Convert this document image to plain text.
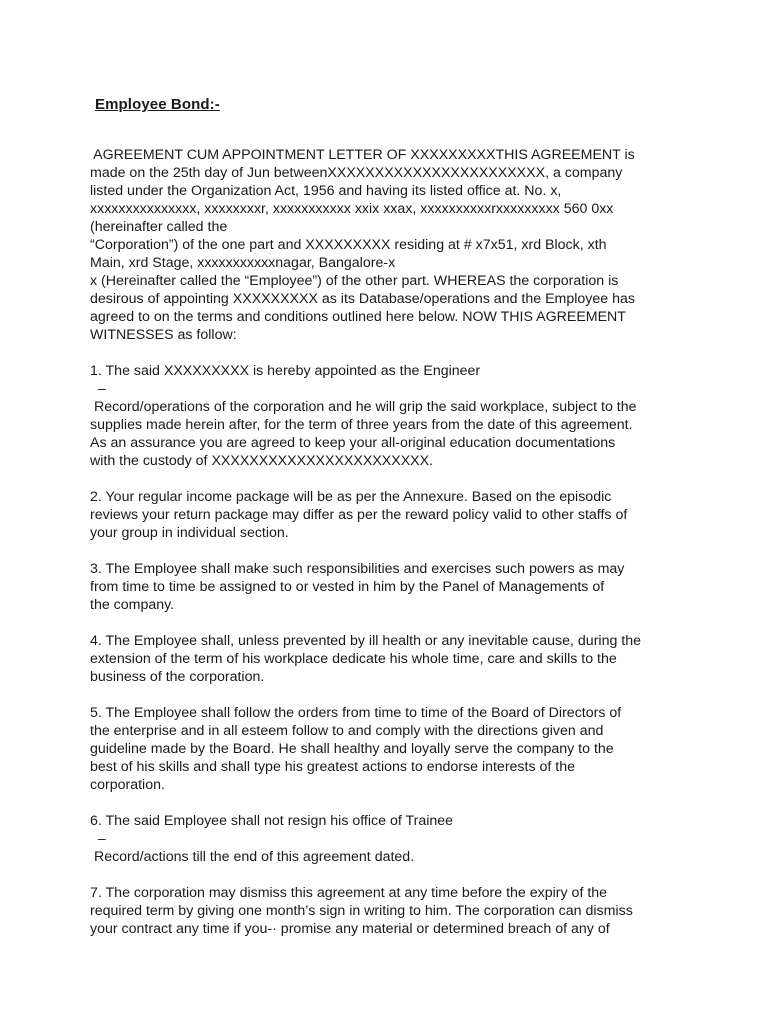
Employee Bond:-
AGREEMENT CUM APPOINTMENT LETTER OF XXXXXXXXXTHIS AGREEMENT is
made on the 25th day of Jun betweenXXXXXXXXXXXXXXXXXXXXXXX, a company
listed under the Organization Act, 1956 and having its listed office at. No. x,
xxxxxxxxxxxxxxx, xxxxxxxxr, xxxxxxxxxxx xxix xxax, xxxxxxxxxxrxxxxxxxxx 560 0xx
(hereinafter called the
“Corporation”) of the one part and XXXXXXXXX residing at # x7x51, xrd Block, xth
Main, xrd Stage, xxxxxxxxxxxnagar, Bangalore-x
x (Hereinafter called the “Employee”) of the other part. WHEREAS the corporation is
desirous of appointing XXXXXXXXX as its Database/operations and the Employee has
agreed to on the terms and conditions outlined here below. NOW THIS AGREEMENT
WITNESSES as follow:
1. The said XXXXXXXXX is hereby appointed as the Engineer
–
Record/operations of the corporation and he will grip the said workplace, subject to the
supplies made herein after, for the term of three years from the date of this agreement.
As an assurance you are agreed to keep your all-original education documentations
with the custody of XXXXXXXXXXXXXXXXXXXXXXX.
2. Your regular income package will be as per the Annexure. Based on the episodic
reviews your return package may differ as per the reward policy valid to other staffs of
your group in individual section.
3. The Employee shall make such responsibilities and exercises such powers as may
from time to time be assigned to or vested in him by the Panel of Managements of
the company.
4. The Employee shall, unless prevented by ill health or any inevitable cause, during the
extension of the term of his workplace dedicate his whole time, care and skills to the
business of the corporation.
5. The Employee shall follow the orders from time to time of the Board of Directors of
the enterprise and in all esteem follow to and comply with the directions given and
guideline made by the Board. He shall healthy and loyally serve the company to the
best of his skills and shall type his greatest actions to endorse interests of the
corporation.
6. The said Employee shall not resign his office of Trainee
–
Record/actions till the end of this agreement dated.
7. The corporation may dismiss this agreement at any time before the expiry of the
required term by giving one month’s sign in writing to him. The corporation can dismiss
your contract any time if you-· promise any material or determined breach of any of
